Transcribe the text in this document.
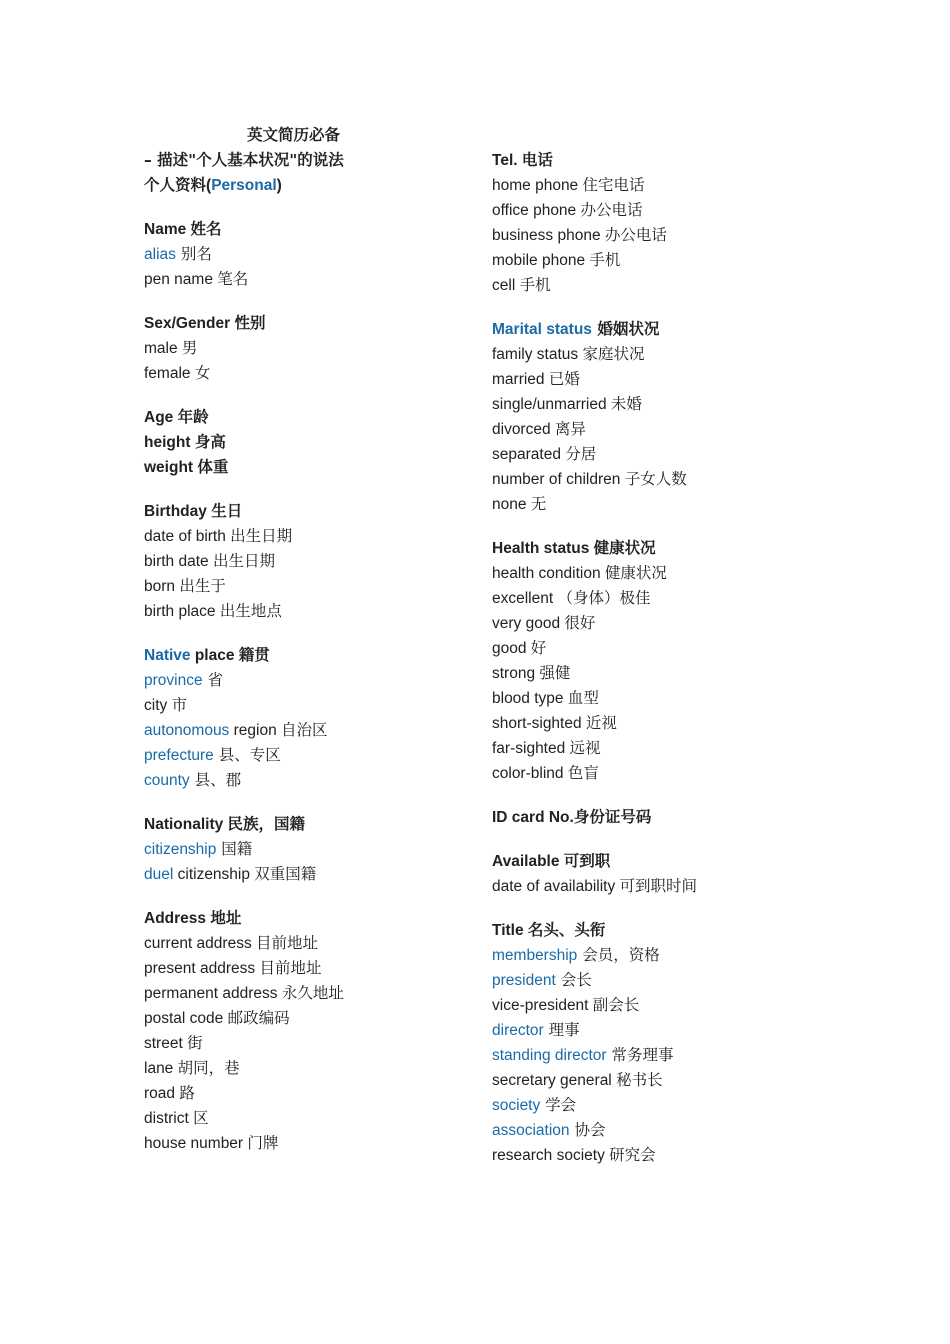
英文简历必备
– 描述"个人基本状况"的说法
个人资料(Personal)
Name 姓名
alias 别名
pen name 笔名
Sex/Gender 性别
male 男
female 女
Age 年龄
height 身高
weight 体重
Birthday 生日
date of birth 出生日期
birth date 出生日期
born 出生于
birth place 出生地点
Native place 籍贯
province 省
city 市
autonomous region 自治区
prefecture 县、专区
county 县、郡
Nationality 民族，国籍
citizenship 国籍
duel citizenship 双重国籍
Address 地址
current address 目前地址
present address 目前地址
permanent address 永久地址
postal code 邮政编码
street 街
lane 胡同，巷
road 路
district 区
house number 门牌
Tel. 电话
home phone 住宅电话
office phone 办公电话
business phone 办公电话
mobile phone 手机
cell 手机
Marital status 婚姻状况
family status 家庭状况
married 已婚
single/unmarried 未婚
divorced 离异
separated 分居
number of children 子女人数
none 无
Health status 健康状况
health condition 健康状况
excellent （身体）极佳
very good 很好
good 好
strong 强健
blood type 血型
short-sighted 近视
far-sighted 远视
color-blind 色盲
ID card No.身份证号码
Available 可到职
date of availability 可到职时间
Title 名头、头衔
membership 会员，资格
president 会长
vice-president 副会长
director 理事
standing director 常务理事
secretary general 秘书长
society 学会
association 协会
research society 研究会
